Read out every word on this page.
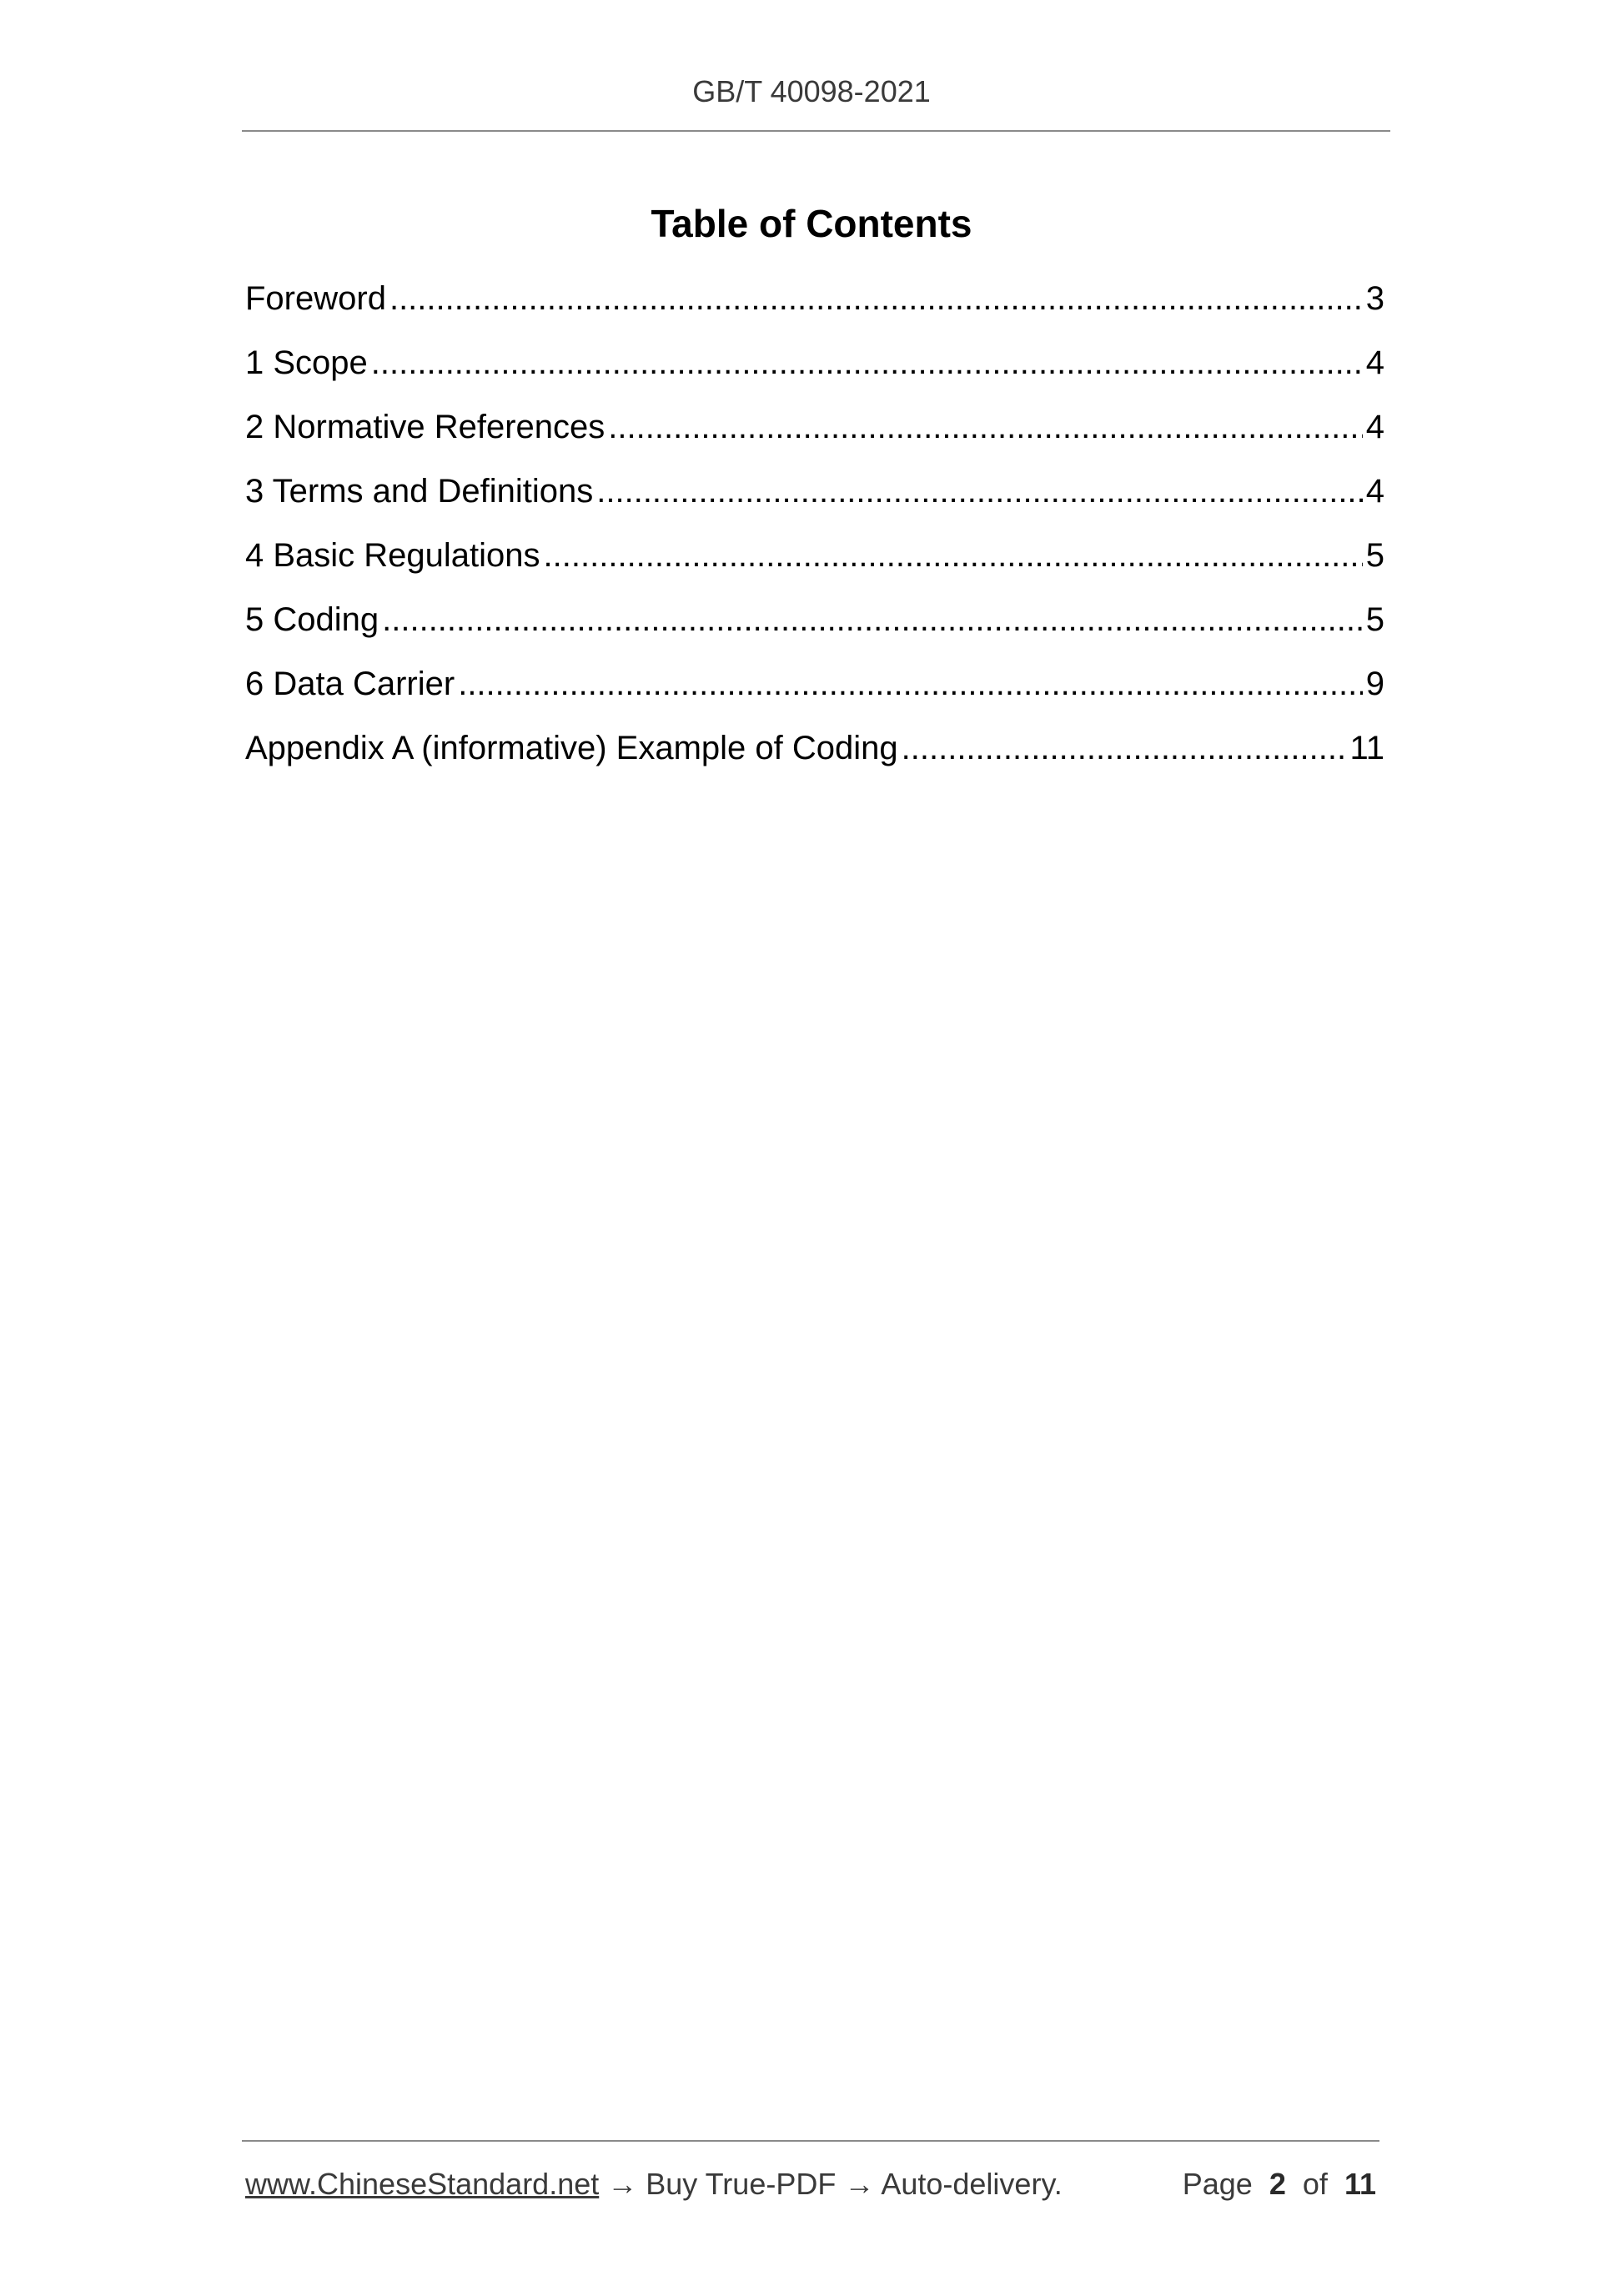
GB/T 40098-2021
Table of Contents
Foreword .....	3
1 Scope .....	4
2 Normative References .....	4
3 Terms and Definitions .....	4
4 Basic Regulations .....	5
5 Coding .....	5
6 Data Carrier .....	9
Appendix A (informative) Example of Coding .....	11
www.ChineseStandard.net → Buy True-PDF → Auto-delivery.	Page 2 of 11
